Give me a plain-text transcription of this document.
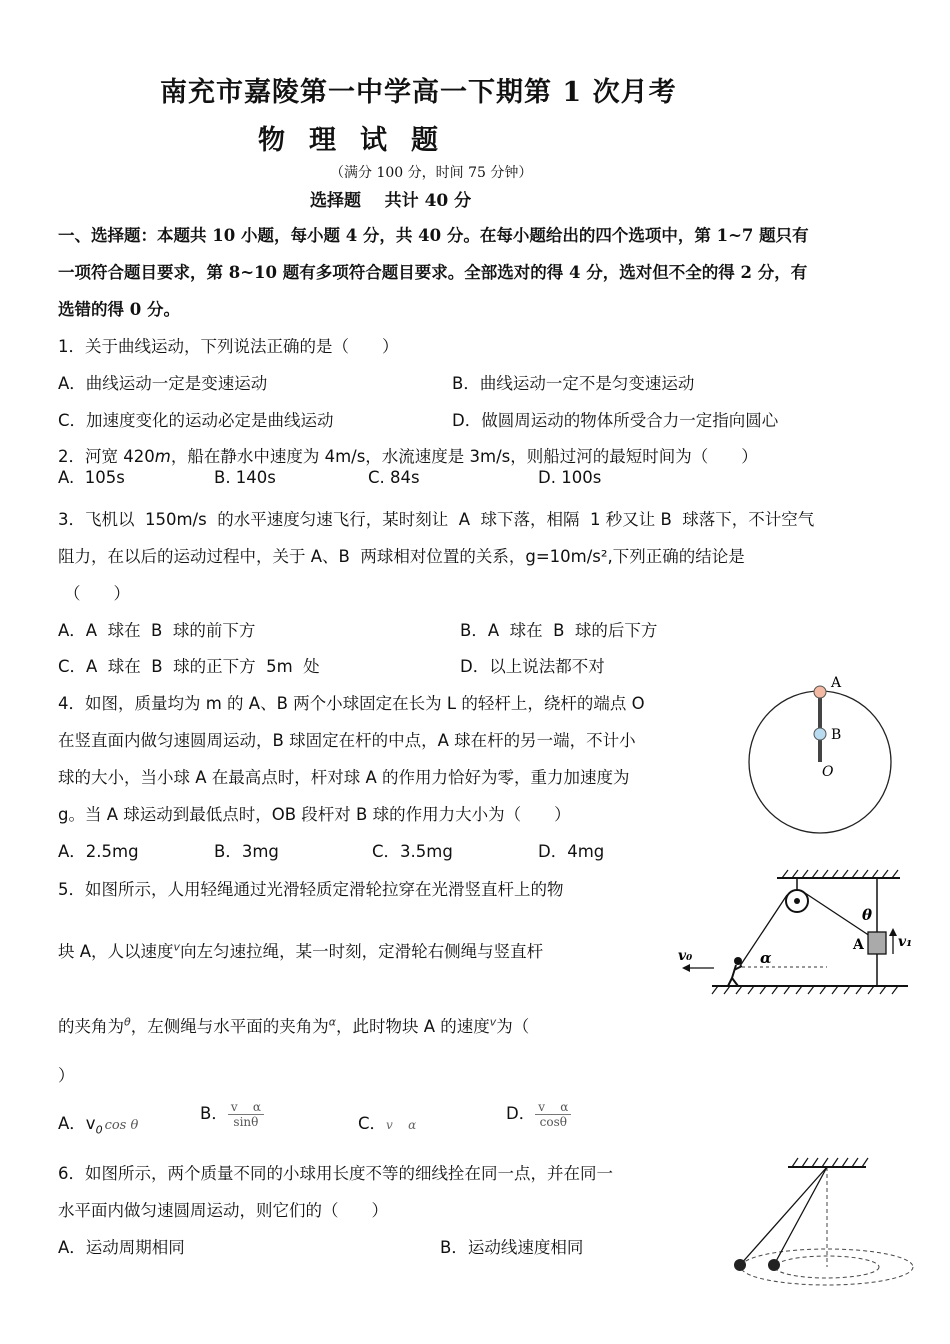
南充市嘉陵第一中学高一下期第 1 次月考
物理试题
（满分 100 分，时间 75 分钟）
选择题    共计 40 分
一、选择题：本题共 10 小题，每小题 4 分，共 40 分。在每小题给出的四个选项中，第 1~7 题只有
一项符合题目要求，第 8~10 题有多项符合题目要求。全部选对的得 4 分，选对但不全的得 2 分，有
选错的得 0 分。
1．关于曲线运动，下列说法正确的是（　　）
A．曲线运动一定是变速运动	B．曲线运动一定不是匀变速运动
C．加速度变化的运动必定是曲线运动	D．做圆周运动的物体所受合力一定指向圆心
2．河宽 420m，船在静水中速度为 4m/s，水流速度是 3m/s，则船过河的最短时间为（　　）
A.  105s	B. 140s	C. 84s	D. 100s
3．飞机以  150m/s  的水平速度匀速飞行，某时刻让  A  球下落，相隔  1 秒又让 B  球落下，不计空气
阻力，在以后的运动过程中，关于 A、B  两球相对位置的关系，g=10m/s²,下列正确的结论是
（　　）
A．A  球在  B  球的前下方	B．A  球在  B  球的后下方
C．A  球在  B  球的正下方  5m  处	D．以上说法都不对
4．如图，质量均为 m 的 A、B 两个小球固定在长为 L 的轻杆上，绕杆的端点 O
在竖直面内做匀速圆周运动，B 球固定在杆的中点，A 球在杆的另一端，不计小
球的大小，当小球 A 在最高点时，杆对球 A 的作用力恰好为零，重力加速度为
g。当 A 球运动到最低点时，OB 段杆对 B 球的作用力大小为（　　）
A．2.5mg	B．3mg	C．3.5mg	D．4mg
A
B
O
5．如图所示，人用轻绳通过光滑轻质定滑轮拉穿在光滑竖直杆上的物
块 A，人以速度$^v$向左匀速拉绳，某一时刻，定滑轮右侧绳与竖直杆
的夹角为$^\theta$，左侧绳与水平面的夹角为$^\alpha$，此时物块 A 的速度$^v$为（
）
A．$v_0$ cos θ
B． $\frac{\text{v    α}}{\sin\theta}$	C．v    α
D． $\frac{\text{v    α}}{\cos\theta}$
A v₁
θ
α
v₀
6．如图所示，两个质量不同的小球用长度不等的细线拴在同一点，并在同一
水平面内做匀速圆周运动，则它们的（　　）
A．运动周期相同	B．运动线速度相同
